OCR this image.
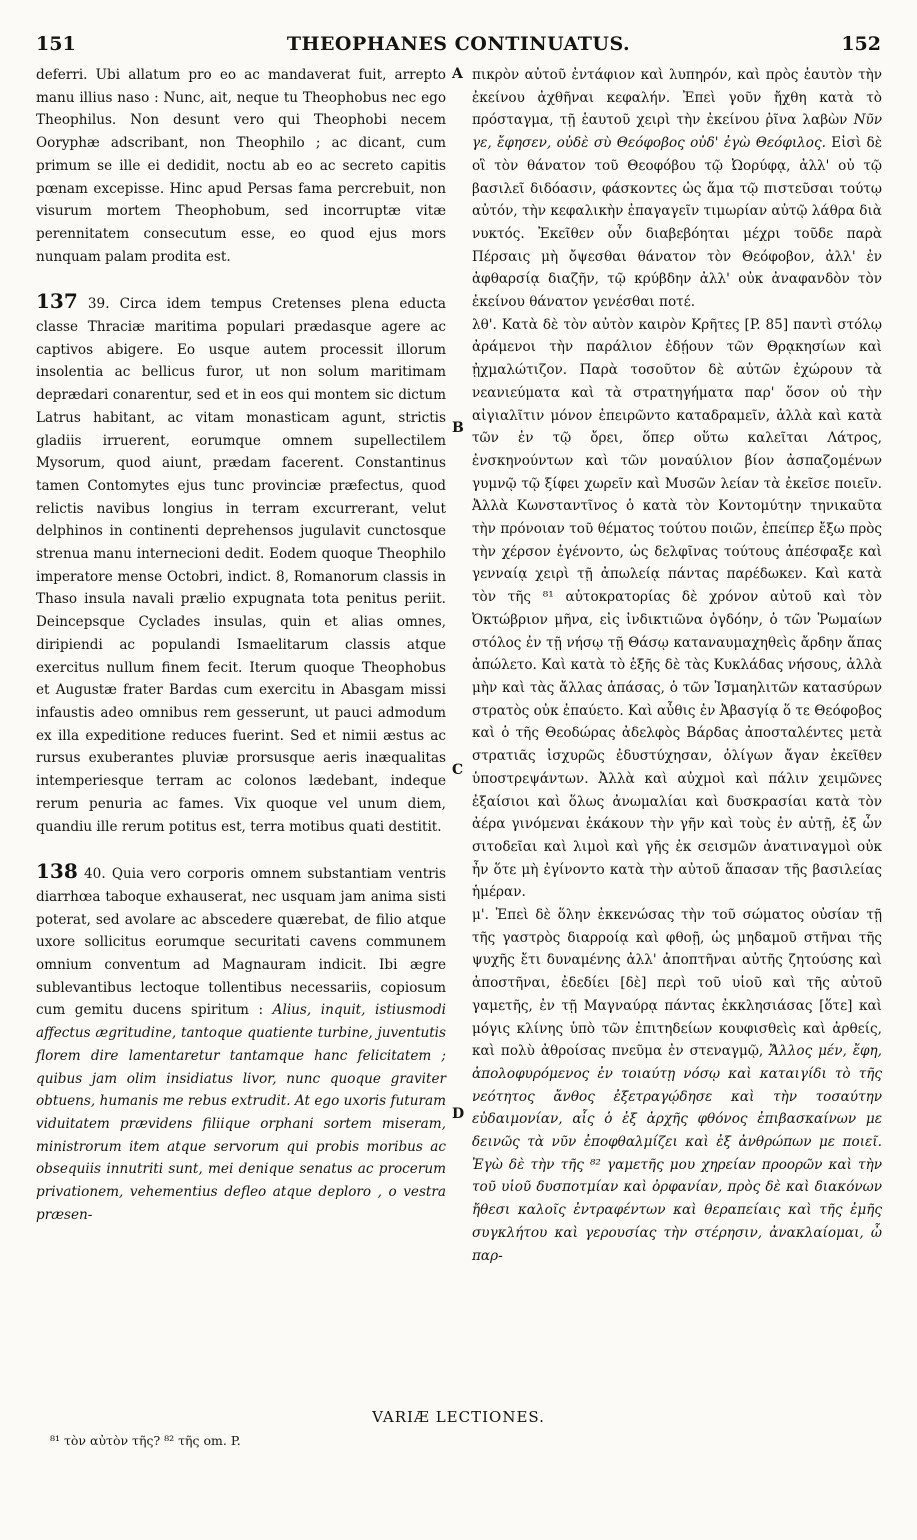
151	THEOPHANES CONTINUATUS.	152

deferri. Ubi allatum pro eo ac mandaverat fuit, arrepto manu illius naso : Nunc, ait, neque tu Theophobus nec ego Theophilus. Non desunt vero qui Theophobi necem Ooryphæ adscribant, non Theophilo ; ac dicant, cum primum se ille ei dedidit, noctu ab eo ac secreto capitis pœnam excepisse. Hinc apud Persas fama percrebuit, non visurum mortem Theophobum, sed incorruptæ vitæ perennitatem consecutum esse, eo quod ejus mors nunquam palam prodita est.

137 39. Circa idem tempus Cretenses plena educta classe Thraciæ maritima populari prædasque agere ac captivos abigere. Eo usque autem processit illorum insolentia ac bellicus furor, ut non solum maritimam deprædari conarentur, sed et in eos qui montem sic dictum Latrus habitant, ac vitam monasticam agunt, strictis gladiis irruerent, eorumque omnem supellectilem Mysorum, quod aiunt, prædam facerent. Constantinus tamen Contomytes ejus tunc provinciæ præfectus, quod relictis navibus longius in terram excurrerant, velut delphinos in continenti deprehensos jugulavit cunctosque strenua manu internecioni dedit. Eodem quoque Theophilo imperatore mense Octobri, indict. 8, Romanorum classis in Thaso insula navali prælio expugnata tota penitus periit. Deincepsque Cyclades insulas, quin et alias omnes, diripiendi ac populandi Ismaelitarum classis atque exercitus nullum finem fecit. Iterum quoque Theophobus et Augustæ frater Bardas cum exercitu in Abasgam missi infaustis adeo omnibus rem gesserunt, ut pauci admodum ex illa expeditione reduces fuerint. Sed et nimii æstus ac rursus exuberantes pluviæ prorsusque aeris inæqualitas intemperiesque terram ac colonos lædebant, indeque rerum penuria ac fames. Vix quoque vel unum diem, quandiu ille rerum potitus est, terra motibus quati destitit.

138 40. Quia vero corporis omnem substantiam ventris diarrhœa taboque exhauserat, nec usquam jam anima sisti poterat, sed avolare ac abscedere quærebat, de filio atque uxore sollicitus eorumque securitati cavens communem omnium conventum ad Magnauram indicit. Ibi ægre sublevantibus lectoque tollentibus necessariis, copiosum cum gemitu ducens spiritum : Alius, inquit, istiusmodi affectus ægritudine, tantoque quatiente turbine, juventutis florem dire lamentaretur tantamque hanc felicitatem ; quibus jam olim insidiatus livor, nunc quoque graviter obtuens, humanis me rebus extrudit. At ego uxoris futuram viduitatem prævidens filiique orphani sortem miseram, ministrorum item atque servorum qui probis moribus ac obsequiis innutriti sunt, mei denique senatus ac procerum privationem, vehementius defleo atque deploro , o vestra præsen-

A
B
C
D

πικρὸν αὐτοῦ ἐντάφιον καὶ λυπηρόν, καὶ πρὸς ἑαυτὸν τὴν ἐκείνου ἀχθῆναι κεφαλήν. Ἐπεὶ γοῦν ἤχθη κατὰ τὸ πρόσταγμα, τῇ ἑαυτοῦ χειρὶ τὴν ἐκείνου ῥῖνα λαβὼν Νῦν γε, ἔφησεν, οὐδὲ σὺ Θεόφοβος οὐδ' ἐγὼ Θεόφιλος. Εἰσὶ δὲ οἳ τὸν θάνατον τοῦ Θεοφόβου τῷ Ὠορύφᾳ, ἀλλ' οὐ τῷ βασιλεῖ διδόασιν, φάσκοντες ὡς ἅμα τῷ πιστεῦσαι τούτῳ αὐτόν, τὴν κεφαλικὴν ἐπαγαγεῖν τιμωρίαν αὐτῷ λάθρα διὰ νυκτός. Ἐκεῖθεν οὖν διαβεβόηται μέχρι τοῦδε παρὰ Πέρσαις μὴ ὄψεσθαι θάνατον τὸν Θεόφοβον, ἀλλ' ἐν ἀφθαρσίᾳ διαζῆν, τῷ κρύβδην ἀλλ' οὐκ ἀναφανδὸν τὸν ἐκείνου θάνατον γενέσθαι ποτέ.

λθ'. Κατὰ δὲ τὸν αὐτὸν καιρὸν Κρῆτες [P. 85] παντὶ στόλῳ ἀράμενοι τὴν παράλιον ἐδῄουν τῶν Θρᾳκησίων καὶ ᾐχμαλώτιζον. Παρὰ τοσοῦτον δὲ αὐτῶν ἐχώρουν τὰ νεανιεύματα καὶ τὰ στρατηγήματα παρ' ὅσον οὐ τὴν αἰγιαλῖτιν μόνον ἐπειρῶντο καταδραμεῖν, ἀλλὰ καὶ κατὰ τῶν ἐν τῷ ὄρει, ὅπερ οὕτω καλεῖται Λάτρος, ἐνσκηνούντων καὶ τῶν μοναύλιον βίον ἀσπαζομένων γυμνῷ τῷ ξίφει χωρεῖν καὶ Μυσῶν λείαν τὰ ἐκεῖσε ποιεῖν. Ἀλλὰ Κωνσταντῖνος ὁ κατὰ τὸν Κοντομύτην τηνικαῦτα τὴν πρόνοιαν τοῦ θέματος τούτου ποιῶν, ἐπείπερ ἔξω πρὸς τὴν χέρσον ἐγένοντο, ὡς δελφῖνας τούτους ἀπέσφαξε καὶ γενναίᾳ χειρὶ τῇ ἀπωλείᾳ πάντας παρέδωκεν. Καὶ κατὰ τὸν τῆς ⁸¹ αὐτοκρατορίας δὲ χρόνον αὐτοῦ καὶ τὸν Ὀκτώβριον μῆνα, εἰς ἰνδικτιῶνα ὀγδόην, ὁ τῶν Ῥωμαίων στόλος ἐν τῇ νήσῳ τῇ Θάσῳ καταναυμαχηθεὶς ἄρδην ἅπας ἀπώλετο. Καὶ κατὰ τὸ ἑξῆς δὲ τὰς Κυκλάδας νήσους, ἀλλὰ μὴν καὶ τὰς ἄλλας ἁπάσας, ὁ τῶν Ἰσμαηλιτῶν κατασύρων στρατὸς οὐκ ἐπαύετο. Καὶ αὖθις ἐν Ἀβασγίᾳ ὅ τε Θεόφοβος καὶ ὁ τῆς Θεοδώρας ἀδελφὸς Βάρδας ἀποσταλέντες μετὰ στρατιᾶς ἰσχυρῶς ἐδυστύχησαν, ὀλίγων ἄγαν ἐκεῖθεν ὑποστρεψάντων. Ἀλλὰ καὶ αὐχμοὶ καὶ πάλιν χειμῶνες ἐξαίσιοι καὶ ὅλως ἀνωμαλίαι καὶ δυσκρασίαι κατὰ τὸν ἀέρα γινόμεναι ἐκάκουν τὴν γῆν καὶ τοὺς ἐν αὐτῇ, ἐξ ὧν σιτοδεῖαι καὶ λιμοὶ καὶ γῆς ἐκ σεισμῶν ἀνατιναγμοὶ οὐκ ἦν ὅτε μὴ ἐγίνοντο κατὰ τὴν αὐτοῦ ἅπασαν τῆς βασιλείας ἡμέραν.

μ'. Ἐπεὶ δὲ ὅλην ἐκκενώσας τὴν τοῦ σώματος οὐσίαν τῇ τῆς γαστρὸς διαρροίᾳ καὶ φθοῇ, ὡς μηδαμοῦ στῆναι τῆς ψυχῆς ἔτι δυναμένης ἀλλ' ἀποπτῆναι αὐτῆς ζητούσης καὶ ἀποστῆναι, ἐδεδίει [δὲ] περὶ τοῦ υἱοῦ καὶ τῆς αὐτοῦ γαμετῆς, ἐν τῇ Μαγναύρᾳ πάντας ἐκκλησιάσας [ὅτε] καὶ μόγις κλίνης ὑπὸ τῶν ἐπιτηδείων κουφισθεὶς καὶ ἀρθείς, καὶ πολὺ ἀθροίσας πνεῦμα ἐν στεναγμῷ, Ἄλλος μέν, ἔφη, ἀπολοφυρόμενος ἐν τοιαύτῃ νόσῳ καὶ καταιγίδι τὸ τῆς νεότητος ἄνθος ἐξετραγῴδησε καὶ τὴν τοσαύτην εὐδαιμονίαν, αἷς ὁ ἐξ ἀρχῆς φθόνος ἐπιβασκαίνων με δεινῶς τὰ νῦν ἐποφθαλμίζει καὶ ἐξ ἀνθρώπων με ποιεῖ. Ἐγὼ δὲ τὴν τῆς ⁸² γαμετῆς μου χηρείαν προορῶν καὶ τὴν τοῦ υἱοῦ δυσποτμίαν καὶ ὀρφανίαν, πρὸς δὲ καὶ διακόνων ἤθεσι καλοῖς ἐντραφέντων καὶ θεραπείαις καὶ τῆς ἐμῆς συγκλήτου καὶ γερουσίας τὴν στέρησιν, ἀνακλαίομαι, ὦ παρ-

VARIÆ LECTIONES.
⁸¹ τὸν αὐτὸν τῆς? ⁸² τῆς om. P.
